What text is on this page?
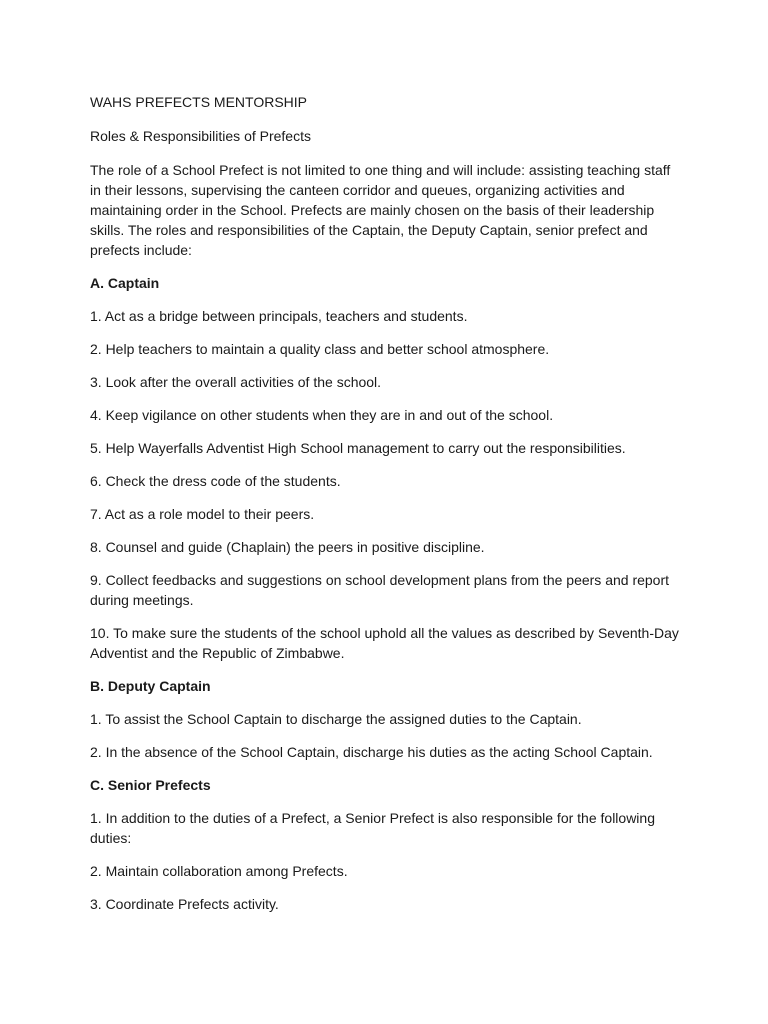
WAHS PREFECTS MENTORSHIP

Roles & Responsibilities of Prefects

The role of a School Prefect is not limited to one thing and will include: assisting teaching staff in their lessons, supervising the canteen corridor and queues, organizing activities and maintaining order in the School. Prefects are mainly chosen on the basis of their leadership skills. The roles and responsibilities of the Captain, the Deputy Captain, senior prefect and prefects include:

A. Captain

1. Act as a bridge between principals, teachers and students.

2. Help teachers to maintain a quality class and better school atmosphere.

3. Look after the overall activities of the school.

4. Keep vigilance on other students when they are in and out of the school.

5. Help Wayerfalls Adventist High School management to carry out the responsibilities.

6. Check the dress code of the students.

7. Act as a role model to their peers.

8. Counsel and guide (Chaplain) the peers in positive discipline.

9. Collect feedbacks and suggestions on school development plans from the peers and report during meetings.

10. To make sure the students of the school uphold all the values as described by Seventh-Day Adventist and the Republic of Zimbabwe.

B. Deputy Captain

1. To assist the School Captain to discharge the assigned duties to the Captain.

2. In the absence of the School Captain, discharge his duties as the acting School Captain.

C. Senior Prefects

1. In addition to the duties of a Prefect, a Senior Prefect is also responsible for the following duties:

2. Maintain collaboration among Prefects.

3. Coordinate Prefects activity.
